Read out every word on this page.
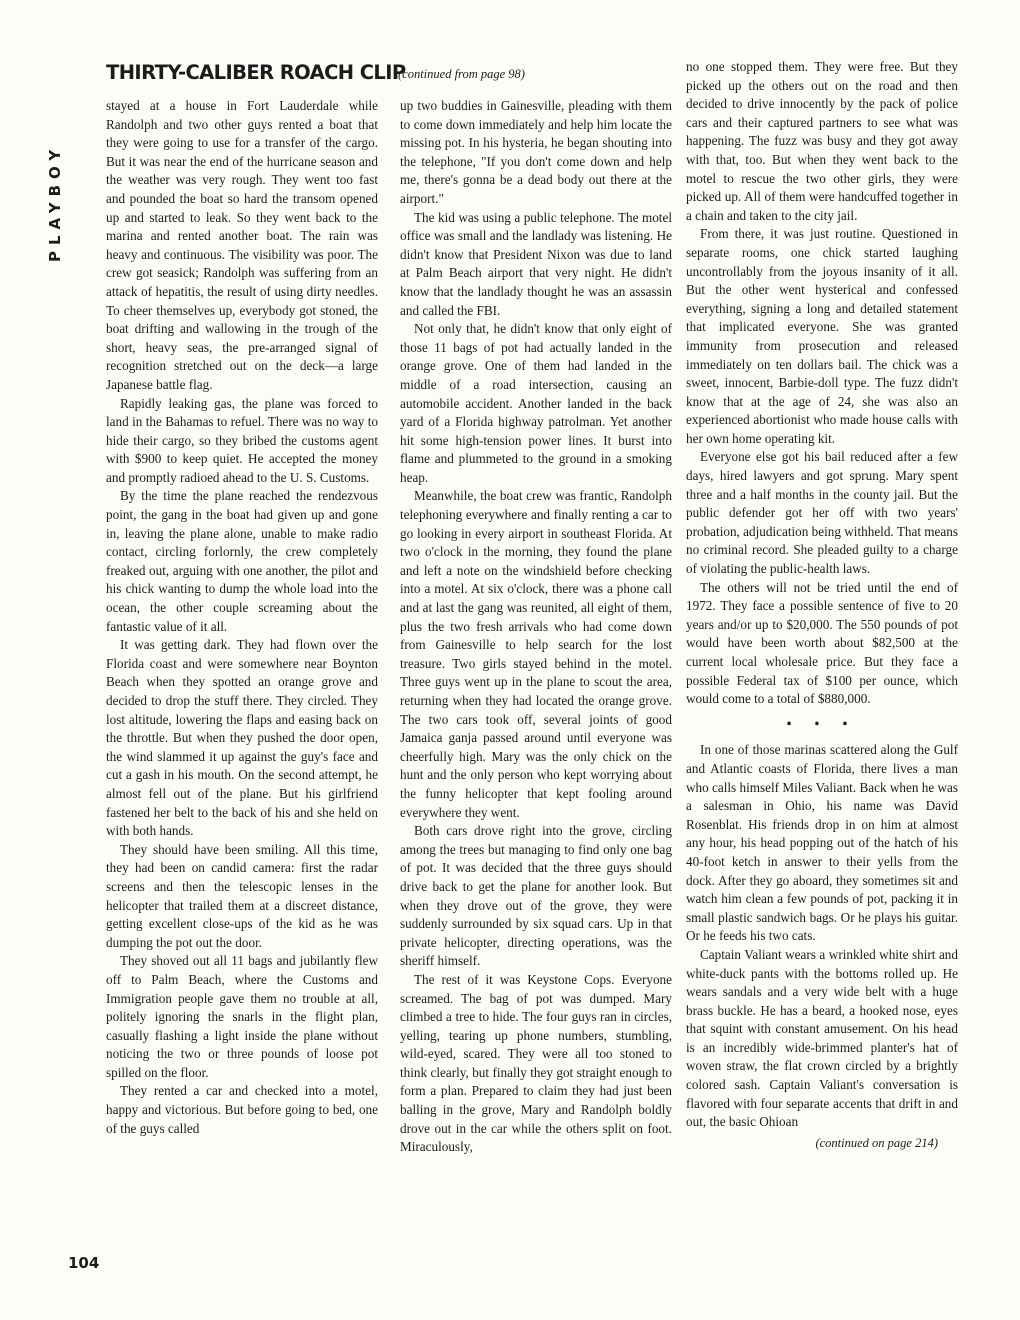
PLAYBOY
THIRTY-CALIBER ROACH CLIP
(continued from page 98)

stayed at a house in Fort Lauderdale while Randolph and two other guys rented a boat that they were going to use for a transfer of the cargo. But it was near the end of the hurricane season and the weather was very rough. They went too fast and pounded the boat so hard the transom opened up and started to leak. So they went back to the marina and rented another boat. The rain was heavy and continuous. The visibility was poor. The crew got seasick; Randolph was suffering from an attack of hepatitis, the result of using dirty needles. To cheer themselves up, everybody got stoned, the boat drifting and wallowing in the trough of the short, heavy seas, the pre-arranged signal of recognition stretched out on the deck—a large Japanese battle flag.

Rapidly leaking gas, the plane was forced to land in the Bahamas to refuel. There was no way to hide their cargo, so they bribed the customs agent with $900 to keep quiet. He accepted the money and promptly radioed ahead to the U. S. Customs.

By the time the plane reached the rendezvous point, the gang in the boat had given up and gone in, leaving the plane alone, unable to make radio contact, circling forlornly, the crew completely freaked out, arguing with one another, the pilot and his chick wanting to dump the whole load into the ocean, the other couple screaming about the fantastic value of it all.

It was getting dark. They had flown over the Florida coast and were somewhere near Boynton Beach when they spotted an orange grove and decided to drop the stuff there. They circled. They lost altitude, lowering the flaps and easing back on the throttle. But when they pushed the door open, the wind slammed it up against the guy's face and cut a gash in his mouth. On the second attempt, he almost fell out of the plane. But his girlfriend fastened her belt to the back of his and she held on with both hands.

They should have been smiling. All this time, they had been on candid camera: first the radar screens and then the telescopic lenses in the helicopter that trailed them at a discreet distance, getting excellent close-ups of the kid as he was dumping the pot out the door.

They shoved out all 11 bags and jubilantly flew off to Palm Beach, where the Customs and Immigration people gave them no trouble at all, politely ignoring the snarls in the flight plan, casually flashing a light inside the plane without noticing the two or three pounds of loose pot spilled on the floor.

They rented a car and checked into a motel, happy and victorious. But before going to bed, one of the guys called

up two buddies in Gainesville, pleading with them to come down immediately and help him locate the missing pot. In his hysteria, he began shouting into the telephone, "If you don't come down and help me, there's gonna be a dead body out there at the airport."

The kid was using a public telephone. The motel office was small and the landlady was listening. He didn't know that President Nixon was due to land at Palm Beach airport that very night. He didn't know that the landlady thought he was an assassin and called the FBI.

Not only that, he didn't know that only eight of those 11 bags of pot had actually landed in the orange grove. One of them had landed in the middle of a road intersection, causing an automobile accident. Another landed in the back yard of a Florida highway patrolman. Yet another hit some high-tension power lines. It burst into flame and plummeted to the ground in a smoking heap.

Meanwhile, the boat crew was frantic, Randolph telephoning everywhere and finally renting a car to go looking in every airport in southeast Florida. At two o'clock in the morning, they found the plane and left a note on the windshield before checking into a motel. At six o'clock, there was a phone call and at last the gang was reunited, all eight of them, plus the two fresh arrivals who had come down from Gainesville to help search for the lost treasure. Two girls stayed behind in the motel. Three guys went up in the plane to scout the area, returning when they had located the orange grove. The two cars took off, several joints of good Jamaica ganja passed around until everyone was cheerfully high. Mary was the only chick on the hunt and the only person who kept worrying about the funny helicopter that kept fooling around everywhere they went.

Both cars drove right into the grove, circling among the trees but managing to find only one bag of pot. It was decided that the three guys should drive back to get the plane for another look. But when they drove out of the grove, they were suddenly surrounded by six squad cars. Up in that private helicopter, directing operations, was the sheriff himself.

The rest of it was Keystone Cops. Everyone screamed. The bag of pot was dumped. Mary climbed a tree to hide. The four guys ran in circles, yelling, tearing up phone numbers, stumbling, wild-eyed, scared. They were all too stoned to think clearly, but finally they got straight enough to form a plan. Prepared to claim they had just been balling in the grove, Mary and Randolph boldly drove out in the car while the others split on foot. Miraculously,

no one stopped them. They were free. But they picked up the others out on the road and then decided to drive innocently by the pack of police cars and their captured partners to see what was happening. The fuzz was busy and they got away with that, too. But when they went back to the motel to rescue the two other girls, they were picked up. All of them were handcuffed together in a chain and taken to the city jail.

From there, it was just routine. Questioned in separate rooms, one chick started laughing uncontrollably from the joyous insanity of it all. But the other went hysterical and confessed everything, signing a long and detailed statement that implicated everyone. She was granted immunity from prosecution and released immediately on ten dollars bail. The chick was a sweet, innocent, Barbie-doll type. The fuzz didn't know that at the age of 24, she was also an experienced abortionist who made house calls with her own home operating kit.

Everyone else got his bail reduced after a few days, hired lawyers and got sprung. Mary spent three and a half months in the county jail. But the public defender got her off with two years' probation, adjudication being withheld. That means no criminal record. She pleaded guilty to a charge of violating the public-health laws.

The others will not be tried until the end of 1972. They face a possible sentence of five to 20 years and/or up to $20,000. The 550 pounds of pot would have been worth about $82,500 at the current local wholesale price. But they face a possible Federal tax of $100 per ounce, which would come to a total of $880,000.

• • •

In one of those marinas scattered along the Gulf and Atlantic coasts of Florida, there lives a man who calls himself Miles Valiant. Back when he was a salesman in Ohio, his name was David Rosenblat. His friends drop in on him at almost any hour, his head popping out of the hatch of his 40-foot ketch in answer to their yells from the dock. After they go aboard, they sometimes sit and watch him clean a few pounds of pot, packing it in small plastic sandwich bags. Or he plays his guitar. Or he feeds his two cats.

Captain Valiant wears a wrinkled white shirt and white-duck pants with the bottoms rolled up. He wears sandals and a very wide belt with a huge brass buckle. He has a beard, a hooked nose, eyes that squint with constant amusement. On his head is an incredibly wide-brimmed planter's hat of woven straw, the flat crown circled by a brightly colored sash. Captain Valiant's conversation is flavored with four separate accents that drift in and out, the basic Ohioan

(continued on page 214)
104
